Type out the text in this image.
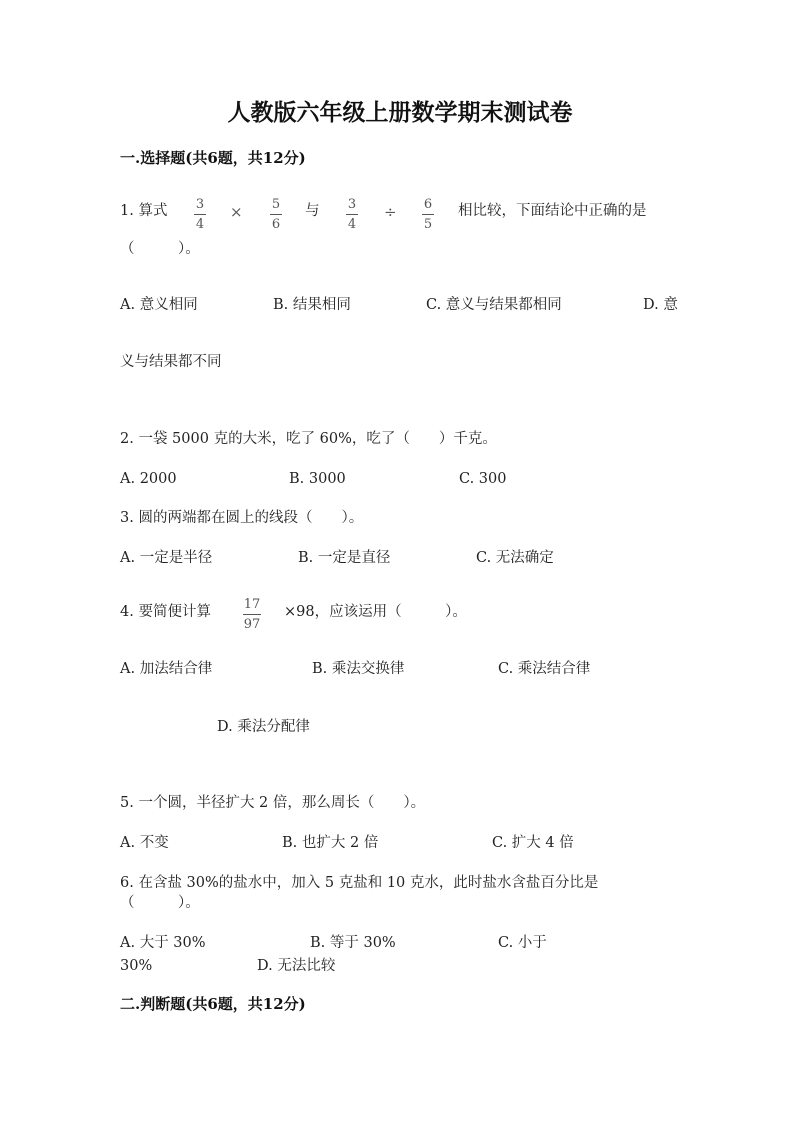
人教版六年级上册数学期末测试卷
一.选择题(共6题，共12分)
1. 算式	3
4
×	5
6
与	3
4
÷	6
5
相比较，下面结论中正确的是
（　　　）。
A. 意义相同	B. 结果相同	C. 意义与结果都相同	D. 意
义与结果都不同
2. 一袋 5000 克的大米，吃了 60%，吃了（　　）千克。
A. 2000	B. 3000	C. 300
3. 圆的两端都在圆上的线段（　　）。
A. 一定是半径	B. 一定是直径	C. 无法确定
4. 要简便计算	17
97
×98，应该运用（　　　）。
A. 加法结合律	B. 乘法交换律	C. 乘法结合律
D. 乘法分配律
5. 一个圆，半径扩大 2 倍，那么周长（　　）。
A. 不变	B. 也扩大 2 倍	C. 扩大 4 倍
6. 在含盐 30%的盐水中，加入 5 克盐和 10 克水，此时盐水含盐百分比是
（　　　）。
A. 大于 30%	B. 等于 30%	C. 小于
30%	D. 无法比较
二.判断题(共6题，共12分)
